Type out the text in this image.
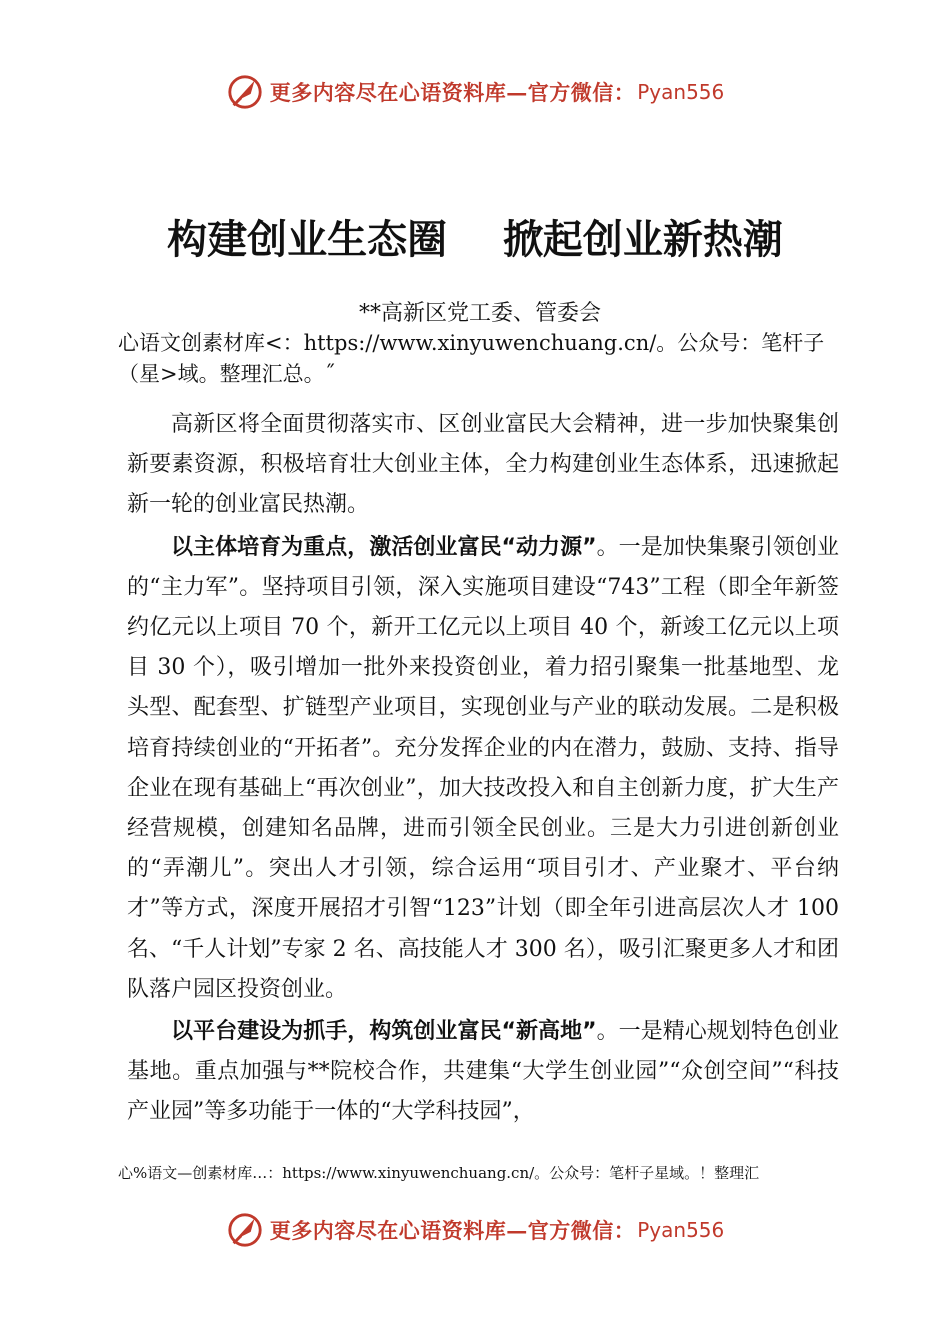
更多内容尽在心语资料库—官方微信： Pyan556
构建创业生态圈    掀起创业新热潮
**高新区党工委、管委会
心语文创素材库<：https://www.xinyuwenchuang.cn/。公众号：笔杆子（星>域。整理汇总。˝

高新区将全面贯彻落实市、区创业富民大会精神，进一步加快聚集创新要素资源，积极培育壮大创业主体，全力构建创业生态体系，迅速掀起新一轮的创业富民热潮。

以主体培育为重点，激活创业富民“动力源”。一是加快集聚引领创业的“主力军”。坚持项目引领，深入实施项目建设“743”工程（即全年新签约亿元以上项目 70 个，新开工亿元以上项目 40 个，新竣工亿元以上项目 30 个），吸引增加一批外来投资创业，着力招引聚集一批基地型、龙头型、配套型、扩链型产业项目，实现创业与产业的联动发展。二是积极培育持续创业的“开拓者”。充分发挥企业的内在潜力，鼓励、支持、指导企业在现有基础上“再次创业”，加大技改投入和自主创新力度，扩大生产经营规模，创建知名品牌，进而引领全民创业。三是大力引进创新创业的“弄潮儿”。突出人才引领，综合运用“项目引才、产业聚才、平台纳才”等方式，深度开展招才引智“123”计划（即全年引进高层次人才 100 名、“千人计划”专家 2 名、高技能人才 300 名），吸引汇聚更多人才和团队落户园区投资创业。

以平台建设为抓手，构筑创业富民“新高地”。一是精心规划特色创业基地。重点加强与**院校合作，共建集“大学生创业园”“众创空间”“科技产业园”等多功能于一体的“大学科技园”，

心%语文—创素材库…：https://www.xinyuwenchuang.cn/。公众号：笔杆子星域。！整理汇
更多内容尽在心语资料库—官方微信： Pyan556
